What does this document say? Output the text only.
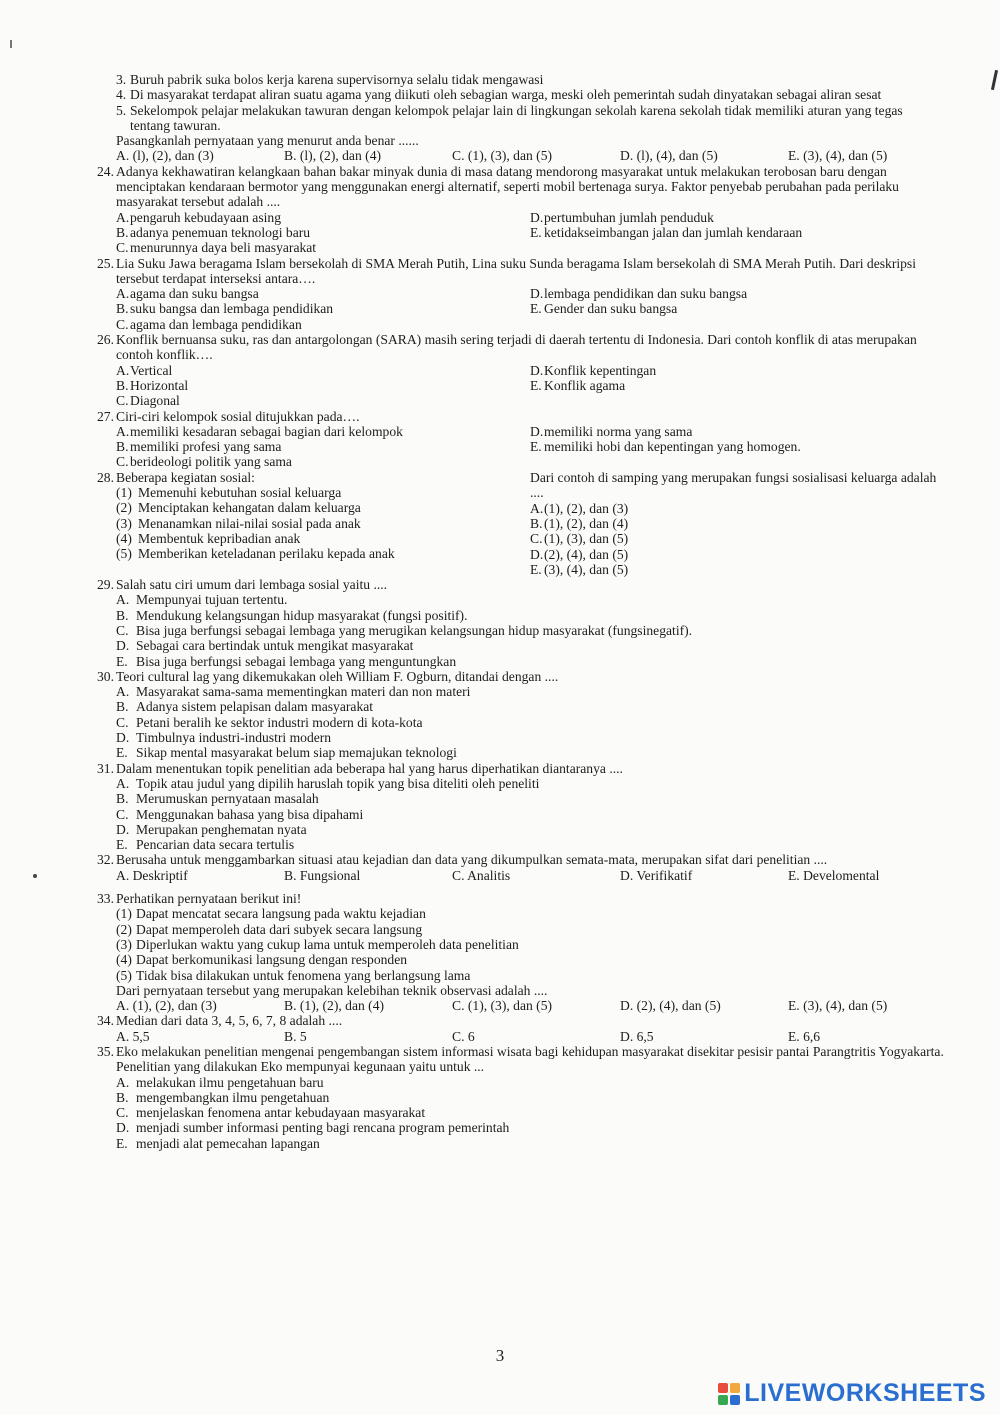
3. Buruh pabrik suka bolos kerja karena supervisornya selalu tidak mengawasi
4. Di masyarakat terdapat aliran suatu agama yang diikuti oleh sebagian warga, meski oleh pemerintah sudah dinyatakan sebagai aliran sesat
5. Sekelompok pelajar melakukan tawuran dengan kelompok pelajar lain di lingkungan sekolah karena sekolah tidak memiliki aturan yang tegas tentang tawuran.
Pasangkanlah pernyataan yang menurut anda benar ......
A. (l), (2), dan (3)	B. (l), (2), dan (4)	C. (1), (3), dan (5)	D. (l), (4), dan (5)	E. (3), (4), dan (5)
24. Adanya kekhawatiran kelangkaan bahan bakar minyak dunia di masa datang mendorong masyarakat untuk melakukan terobosan baru dengan menciptakan kendaraan bermotor yang menggunakan energi alternatif, seperti mobil bertenaga surya. Faktor penyebab perubahan pada perilaku masyarakat tersebut adalah ....
A. pengaruh kebudayaan asing
B. adanya penemuan teknologi baru
C. menurunnya daya beli masyarakat
D. pertumbuhan jumlah penduduk
E. ketidakseimbangan jalan dan jumlah kendaraan
25. Lia Suku Jawa beragama Islam bersekolah di SMA Merah Putih, Lina suku Sunda beragama Islam bersekolah di SMA Merah Putih. Dari deskripsi tersebut terdapat interseksi antara….
A. agama dan suku bangsa
B. suku bangsa dan lembaga pendidikan
C. agama dan lembaga pendidikan
D. lembaga pendidikan dan suku bangsa
E. Gender dan suku bangsa
26. Konflik bernuansa suku, ras dan antargolongan (SARA) masih sering terjadi di daerah tertentu di Indonesia. Dari contoh konflik di atas merupakan contoh konflik….
A. Vertical
B. Horizontal
C. Diagonal
D. Konflik kepentingan
E. Konflik agama
27. Ciri-ciri kelompok sosial ditujukkan pada….
A. memiliki kesadaran sebagai bagian dari kelompok
B. memiliki profesi yang sama
C. berideologi politik yang sama
D. memiliki norma yang sama
E. memiliki hobi dan kepentingan yang homogen.
28. Beberapa kegiatan sosial:
(1) Memenuhi kebutuhan sosial keluarga
(2) Menciptakan kehangatan dalam keluarga
(3) Menanamkan nilai-nilai sosial pada anak
(4) Membentuk kepribadian anak
(5) Memberikan keteladanan perilaku kepada anak
Dari contoh di samping yang merupakan fungsi sosialisasi keluarga adalah ....
A. (1), (2), dan (3)
B. (1), (2), dan (4)
C. (1), (3), dan (5)
D. (2), (4), dan (5)
E. (3), (4), dan (5)
29. Salah satu ciri umum dari lembaga sosial yaitu ....
A. Mempunyai tujuan tertentu.
B. Mendukung kelangsungan hidup masyarakat (fungsi positif).
C. Bisa juga berfungsi sebagai lembaga yang merugikan kelangsungan hidup masyarakat (fungsinegatif).
D. Sebagai cara bertindak untuk mengikat masyarakat
E. Bisa juga berfungsi sebagai lembaga yang menguntungkan
30. Teori cultural lag yang dikemukakan oleh William F. Ogburn, ditandai dengan ....
A. Masyarakat sama-sama mementingkan materi dan non materi
B. Adanya sistem pelapisan dalam masyarakat
C. Petani beralih ke sektor industri modern di kota-kota
D. Timbulnya industri-industri modern
E. Sikap mental masyarakat belum siap memajukan teknologi
31. Dalam menentukan topik penelitian ada beberapa hal yang harus diperhatikan diantaranya ....
A. Topik atau judul yang dipilih haruslah topik yang bisa diteliti oleh peneliti
B. Merumuskan pernyataan masalah
C. Menggunakan bahasa yang bisa dipahami
D. Merupakan penghematan nyata
E. Pencarian data secara tertulis
32. Berusaha untuk menggambarkan situasi atau kejadian dan data yang dikumpulkan semata-mata, merupakan sifat dari penelitian ....
A. Deskriptif	B. Fungsional	C. Analitis	D. Verifikatif	E. Develomental
33. Perhatikan pernyataan berikut ini!
(1) Dapat mencatat secara langsung pada waktu kejadian
(2) Dapat memperoleh data dari subyek secara langsung
(3) Diperlukan waktu yang cukup lama untuk memperoleh data penelitian
(4) Dapat berkomunikasi langsung dengan responden
(5) Tidak bisa dilakukan untuk fenomena yang berlangsung lama
Dari pernyataan tersebut yang merupakan kelebihan teknik observasi adalah ....
A. (1), (2), dan (3)	B. (1), (2), dan (4)	C. (1), (3), dan (5)	D. (2), (4), dan (5)	E. (3), (4), dan (5)
34. Median dari data 3, 4, 5, 6, 7, 8 adalah ....
A. 5,5	B. 5	C. 6	D. 6,5	E. 6,6
35. Eko melakukan penelitian mengenai pengembangan sistem informasi wisata bagi kehidupan masyarakat disekitar pesisir pantai Parangtritis Yogyakarta. Penelitian yang dilakukan Eko mempunyai kegunaan yaitu untuk ...
A. melakukan ilmu pengetahuan baru
B. mengembangkan ilmu pengetahuan
C. menjelaskan fenomena antar kebudayaan masyarakat
D. menjadi sumber informasi penting bagi rencana program pemerintah
E. menjadi alat pemecahan lapangan
3
LIVEWORKSHEETS
